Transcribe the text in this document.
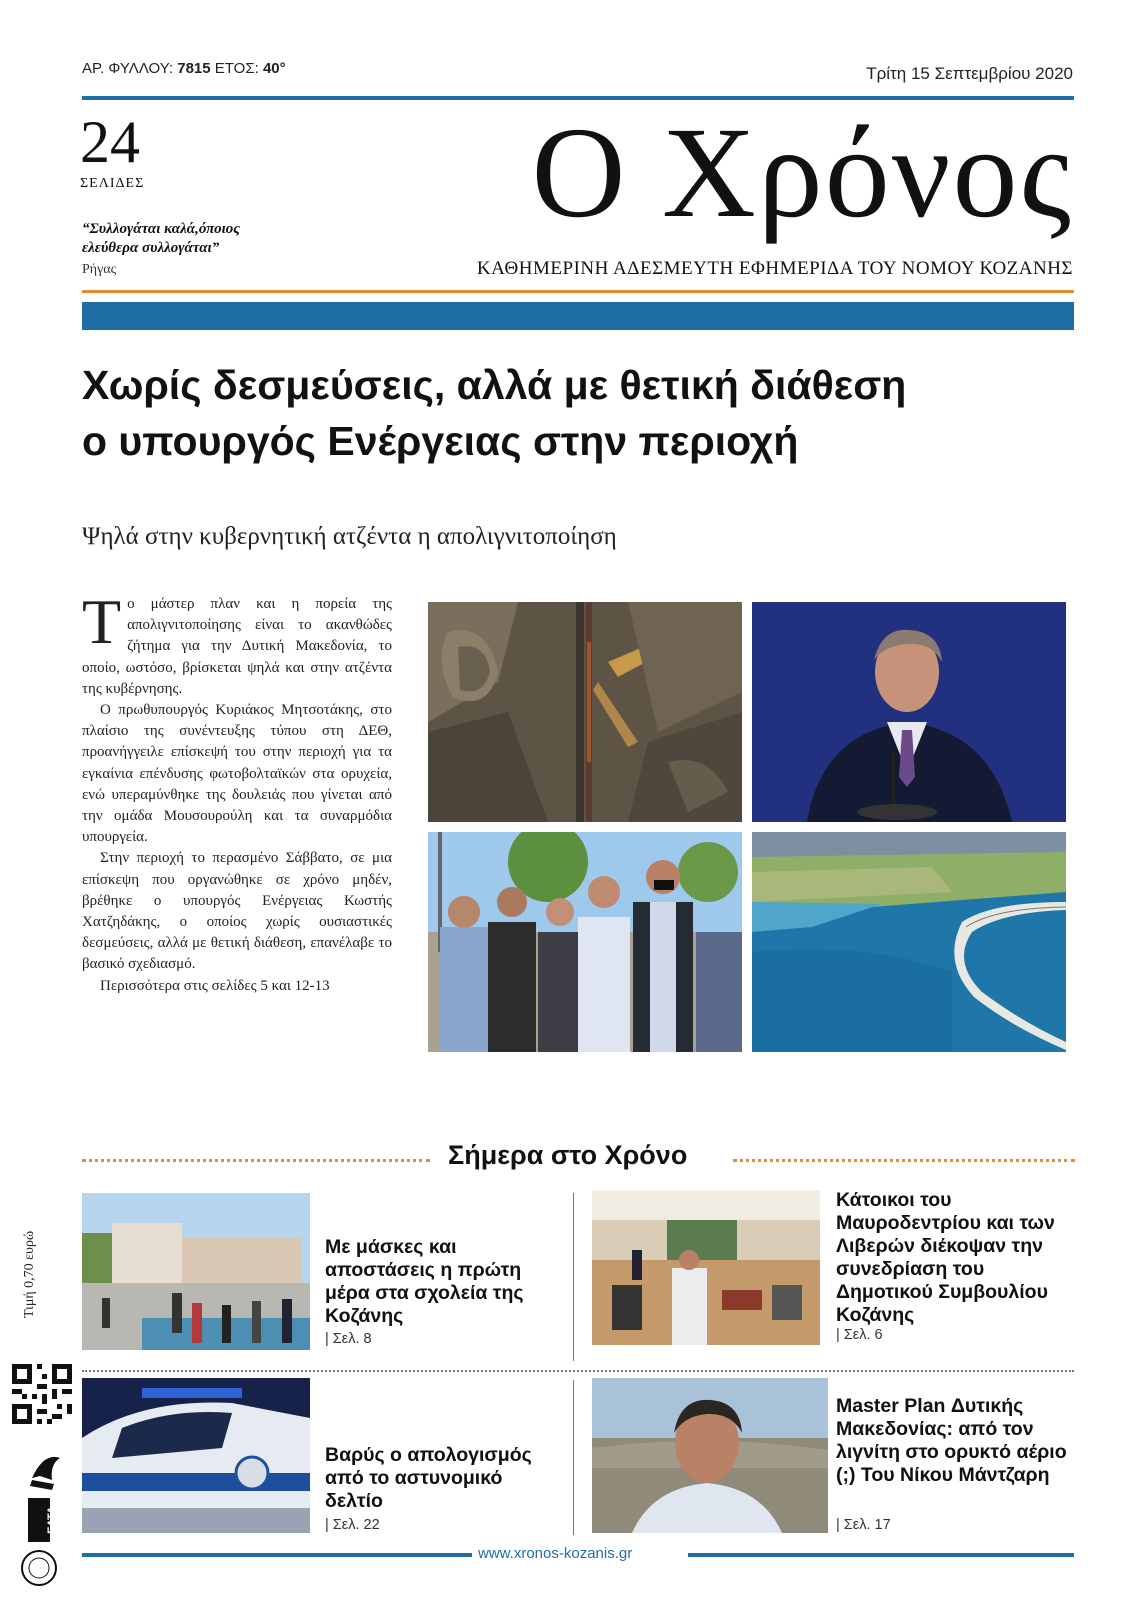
ΑΡ. ΦΥΛΛΟΥ: 7815 ΕΤΟΣ: 40°	Τρίτη 15 Σεπτεμβρίου 2020
24
ΣΕΛΙΔΕΣ
“Συλλογάται καλά,όποιος
ελεύθερα συλλογάται”
Ρήγας
Ο Χρόνος
ΚΑΘΗΜΕΡΙΝΗ ΑΔΕΣΜΕΥΤΗ ΕΦΗΜΕΡΙΔΑ ΤΟΥ ΝΟΜΟΥ ΚΟΖΑΝΗΣ
Χωρίς δεσμεύσεις, αλλά με θετική διάθεση
ο υπουργός Ενέργειας στην περιοχή
Ψηλά στην κυβερνητική ατζέντα η απολιγνιτοποίηση

Το μάστερ πλαν και η πορεία της απολιγνιτοποίησης είναι το ακανθώδες ζήτημα για την Δυτική Μακεδονία, το οποίο, ωστόσο, βρίσκεται ψηλά και στην ατζέντα της κυβέρνησης.

Ο πρωθυπουργός Κυριάκος Μητσοτάκης, στο πλαίσιο της συνέντευξης τύπου στη ΔΕΘ, προανήγγειλε επίσκεψή του στην περιοχή για τα εγκαίνια επένδυσης φωτοβολταϊκών στα ορυχεία, ενώ υπεραμύνθηκε της δουλειάς που γίνεται από την ομάδα Μουσουρούλη και τα συναρμόδια υπουργεία.

Στην περιοχή το περασμένο Σάββατο, σε μια επίσκεψη που οργανώθηκε σε χρόνο μηδέν, βρέθηκε ο υπουργός Ενέργειας Κωστής Χατζηδάκης, ο οποίος χωρίς ουσιαστικές δεσμεύσεις, αλλά με θετική διάθεση, επανέλαβε το βασικό σχεδιασμό.

Περισσότερα στις σελίδες 5 και 12-13

Σήμερα στο Χρόνο
Με μάσκες και αποστάσεις η πρώτη μέρα στα σχολεία της Κοζάνης
| Σελ. 8
Κάτοικοι του Μαυροδεντρίου και των Λιβερών διέκοψαν την συνεδρίαση του Δημοτικού Συμβουλίου Κοζάνης
| Σελ. 6
Βαρύς ο απολογισμός από το αστυνομικό δελτίο
| Σελ. 22
Master Plan Δυτικής Μακεδονίας: από τον λιγνίτη στο ορυκτό αέριο (;) Του Νίκου Μάντζαρη
| Σελ. 17
Τιμή 0,70 ευρώ
ΕΛΤΑ
www.xronos-kozanis.gr
